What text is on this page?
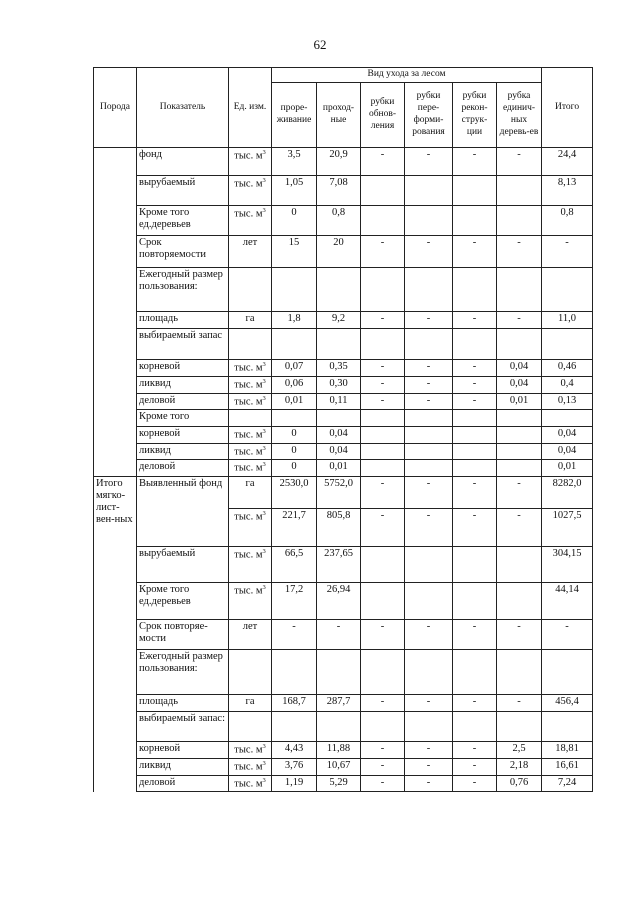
62
Порода	Показатель	Ед. изм.	Вид ухода за лесом						Итого
			проре-живание	проход-ные	рубки обнов-ления	рубки пере-форми-рования	рубки рекон-струк-ции	рубка единич-ных деревь-ев	
	фонд	тыс. $м^3$	3,5	20,9	-	-	-	-	24,4
	вырубаемый	тыс. $м^3$	1,05	7,08					8,13
	Кроме того ед.деревьев	тыс. $м^3$	0	0,8					0,8
	Срок повторяемости	лет	15	20	-	-	-	-	-
	Ежегодный размер пользования:								
	площадь	га	1,8	9,2	-	-	-	-	11,0
	выбираемый запас								
	корневой	тыс. $м^3$	0,07	0,35	-	-	-	0,04	0,46
	ликвид	тыс. $м^3$	0,06	0,30	-	-	-	0,04	0,4
	деловой	тыс. $м^3$	0,01	0,11	-	-	-	0,01	0,13
	Кроме того								
	корневой	тыс. $м^3$	0	0,04					0,04
	ликвид	тыс. $м^3$	0	0,04					0,04
	деловой	тыс. $м^3$	0	0,01					0,01
Итого мягко-лист-вен-ных	Выявленный фонд	га	2530,0	5752,0	-	-	-	-	8282,0
		тыс. $м^3$	221,7	805,8	-	-	-	-	1027,5
	вырубаемый	тыс. $м^3$	66,5	237,65					304,15
	Кроме того ед.деревьев	тыс. $м^3$	17,2	26,94					44,14
	Срок повторяе-мости	лет	-	-	-	-	-	-	-
	Ежегодный размер пользования:								
	площадь	га	168,7	287,7	-	-	-	-	456,4
	выбираемый запас:								
	корневой	тыс. $м^3$	4,43	11,88	-	-	-	2,5	18,81
	ликвид	тыс. $м^3$	3,76	10,67	-	-	-	2,18	16,61
	деловой	тыс. $м^3$	1,19	5,29	-	-	-	0,76	7,24
